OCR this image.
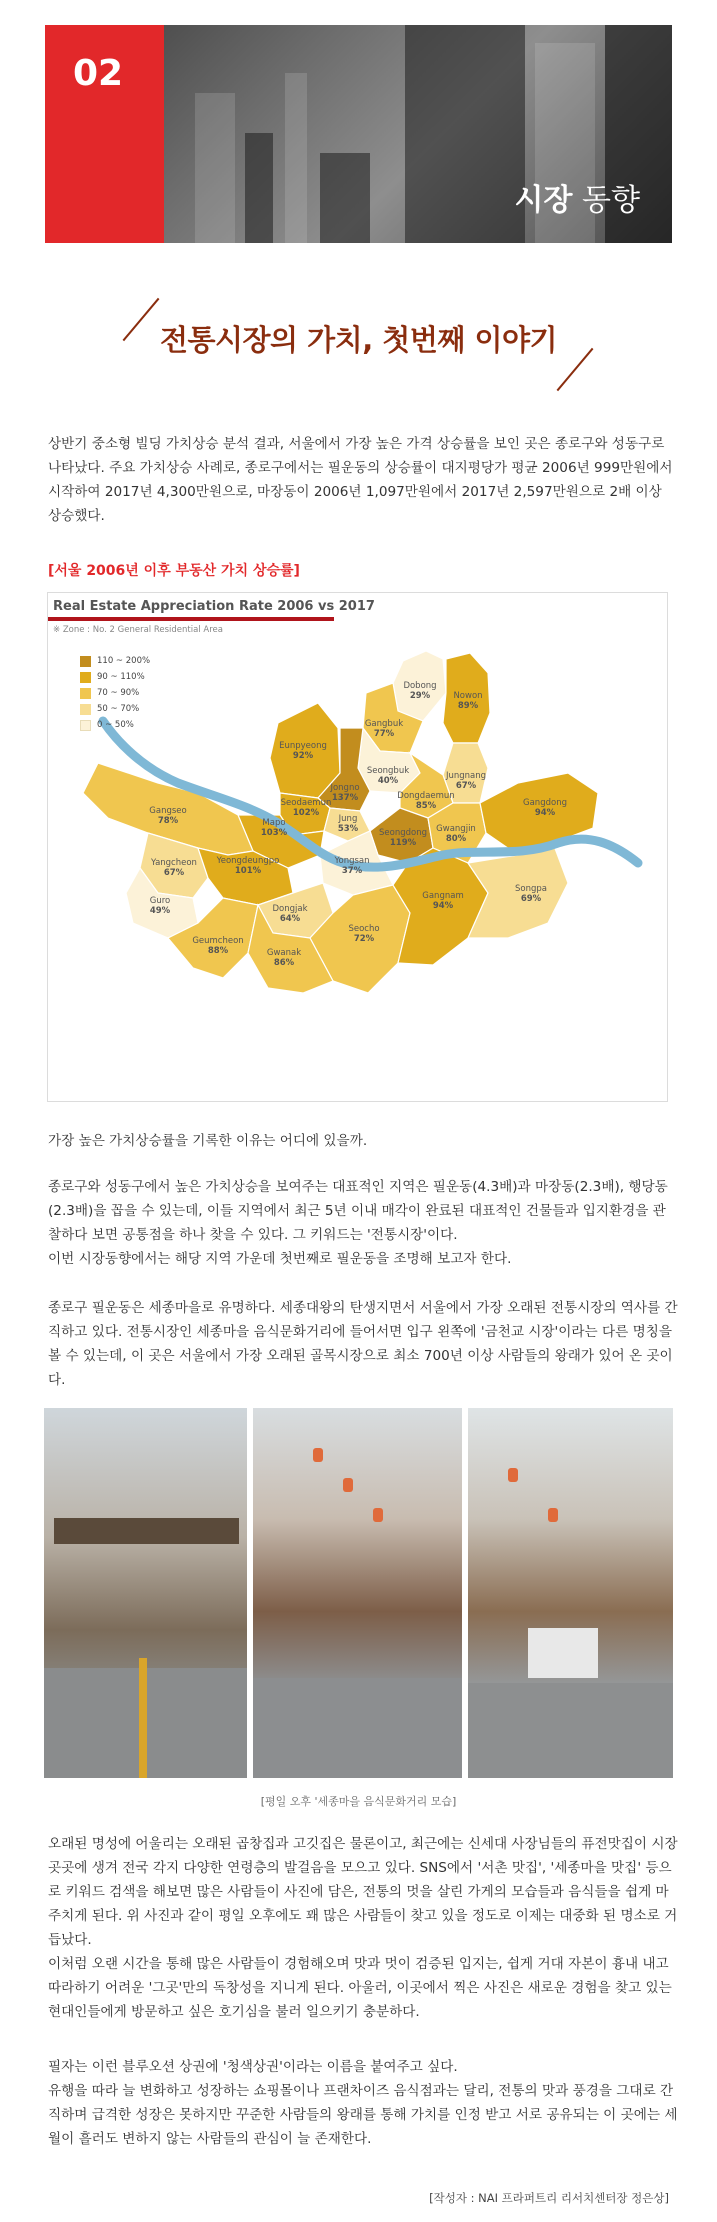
02
시장 동향
전통시장의 가치, 첫번째 이야기

상반기 중소형 빌딩 가치상승 분석 결과, 서울에서 가장 높은 가격 상승률을 보인 곳은 종로구와 성동구로 나타났다. 주요 가치상승 사례로, 종로구에서는 필운동의 상승률이 대지평당가 평균 2006년 999만원에서 시작하여 2017년 4,300만원으로, 마장동이 2006년 1,097만원에서 2017년 2,597만원으로 2배 이상 상승했다.

[서울 2006년 이후 부동산 가치 상승률]
Dobong 29%	Nowon 89%
Gangbuk 77%
Eunpyeong 92%
Seongbuk 40%	Jungnang 67%
Jongno 137%	Dongdaemun 85%
Seodaemun 102%
Mapo 103%
Jung 53% Seongdong 119%
Gwangjin 80%
Gangdong 94%
Gangseo 78%
Yongsan 37%
Yangcheon 67%
Yeongdeungpo 101%
Guro 49%	Dongjak 64%
Songpa 69%
Gangnam 94%
Seocho 72%
Geumcheon 88%	Gwanak 86%
Real Estate Appreciation Rate 2006 vs 2017
※ Zone : No. 2 General Residential Area
110 ~ 200%
90 ~ 110%
70 ~ 90%
50 ~ 70%
0 ~ 50%

가장 높은 가치상승률을 기록한 이유는 어디에 있을까.

종로구와 성동구에서 높은 가치상승을 보여주는 대표적인 지역은 필운동(4.3배)과 마장동(2.3배), 행당동(2.3배)을 꼽을 수 있는데, 이들 지역에서 최근 5년 이내 매각이 완료된 대표적인 건물들과 입지환경을 관찰하다 보면 공통점을 하나 찾을 수 있다. 그 키워드는 '전통시장'이다.

이번 시장동향에서는 해당 지역 가운데 첫번째로 필운동을 조명해 보고자 한다.

종로구 필운동은 세종마을로 유명하다. 세종대왕의 탄생지면서 서울에서 가장 오래된 전통시장의 역사를 간직하고 있다. 전통시장인 세종마을 음식문화거리에 들어서면 입구 왼쪽에 '금천교 시장'이라는 다른 명칭을 볼 수 있는데, 이 곳은 서울에서 가장 오래된 골목시장으로 최소 700년 이상 사람들의 왕래가 있어 온 곳이다.

[평일 오후 '세종마을 음식문화거리 모습]

오래된 명성에 어울리는 오래된 곱창집과 고깃집은 물론이고, 최근에는 신세대 사장님들의 퓨전맛집이 시장 곳곳에 생겨 전국 각지 다양한 연령층의 발걸음을 모으고 있다. SNS에서 '서촌 맛집', '세종마을 맛집' 등으로 키워드 검색을 해보면 많은 사람들이 사진에 담은, 전통의 멋을 살린 가게의 모습들과 음식들을 쉽게 마주치게 된다. 위 사진과 같이 평일 오후에도 꽤 많은 사람들이 찾고 있을 정도로 이제는 대중화 된 명소로 거듭났다.

이처럼 오랜 시간을 통해 많은 사람들이 경험해오며 맛과 멋이 검증된 입지는, 쉽게 거대 자본이 흉내 내고 따라하기 어려운 '그곳'만의 독창성을 지니게 된다. 아울러, 이곳에서 찍은 사진은 새로운 경험을 찾고 있는 현대인들에게 방문하고 싶은 호기심을 불러 일으키기 충분하다.

필자는 이런 블루오션 상권에 '청색상권'이라는 이름을 붙여주고 싶다.

유행을 따라 늘 변화하고 성장하는 쇼핑몰이나 프랜차이즈 음식점과는 달리, 전통의 맛과 풍경을 그대로 간직하며 급격한 성장은 못하지만 꾸준한 사람들의 왕래를 통해 가치를 인정 받고 서로 공유되는 이 곳에는 세월이 흘러도 변하지 않는 사람들의 관심이 늘 존재한다.

[작성자 : NAI 프라퍼트리 리서치센터장 정은상]
